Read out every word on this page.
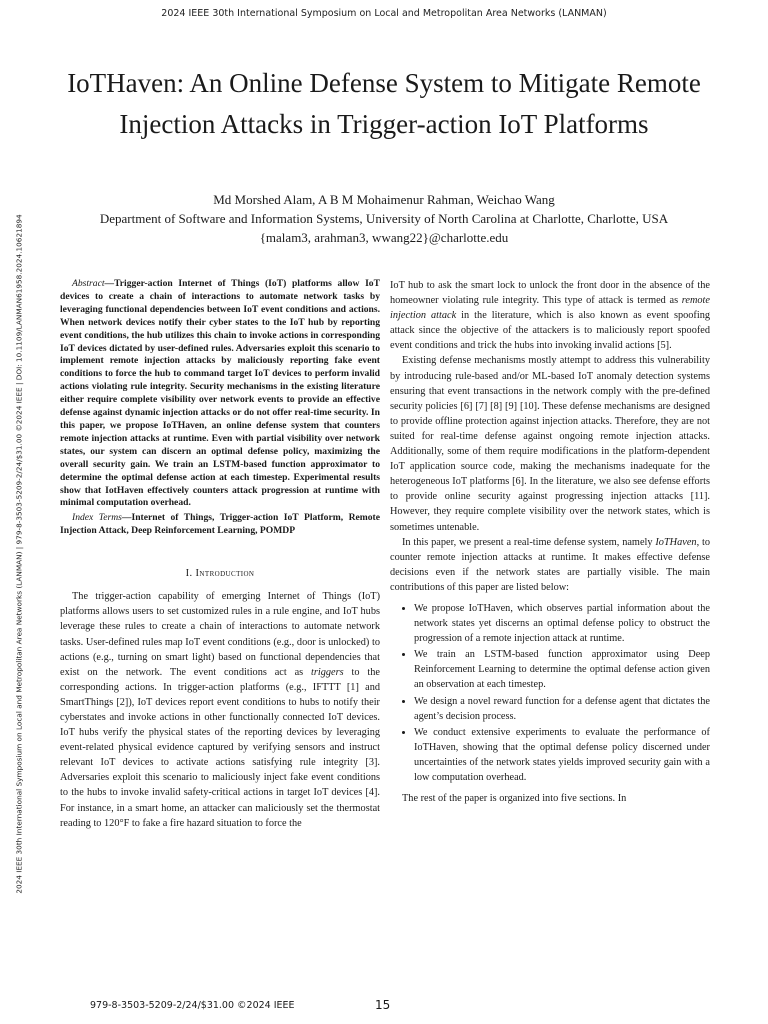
2024 IEEE 30th International Symposium on Local and Metropolitan Area Networks (LANMAN)
2024 IEEE 30th International Symposium on Local and Metropolitan Area Networks (LANMAN) | 979-8-3503-5209-2/24/$31.00 ©2024 IEEE | DOI: 10.1109/LANMAN61958.2024.10621894
IoTHaven: An Online Defense System to Mitigate Remote Injection Attacks in Trigger-action IoT Platforms
Md Morshed Alam, A B M Mohaimenur Rahman, Weichao Wang
Department of Software and Information Systems, University of North Carolina at Charlotte, Charlotte, USA
{malam3, arahman3, wwang22}@charlotte.edu

Abstract—Trigger-action Internet of Things (IoT) platforms allow IoT devices to create a chain of interactions to automate network tasks by leveraging functional dependencies between IoT event conditions and actions. When network devices notify their cyber states to the IoT hub by reporting event conditions, the hub utilizes this chain to invoke actions in corresponding IoT devices dictated by user-defined rules. Adversaries exploit this scenario to implement remote injection attacks by maliciously reporting fake event conditions to force the hub to command target IoT devices to perform invalid actions violating rule integrity. Security mechanisms in the existing literature either require complete visibility over network events to provide an effective defense against dynamic injection attacks or do not offer real-time security. In this paper, we propose IoTHaven, an online defense system that counters remote injection attacks at runtime. Even with partial visibility over network states, our system can discern an optimal defense policy, maximizing the overall security gain. We train an LSTM-based function approximator to determine the optimal defense action at each timestep. Experimental results show that IotHaven effectively counters attack progression at runtime with minimal computation overhead.

Index Terms—Internet of Things, Trigger-action IoT Platform, Remote Injection Attack, Deep Reinforcement Learning, POMDP

I. Introduction

The trigger-action capability of emerging Internet of Things (IoT) platforms allows users to set customized rules in a rule engine, and IoT hubs leverage these rules to create a chain of interactions to automate network tasks. User-defined rules map IoT event conditions (e.g., door is unlocked) to actions (e.g., turning on smart light) based on functional dependencies that exist on the network. The event conditions act as triggers to the corresponding actions. In trigger-action platforms (e.g., IFTTT [1] and SmartThings [2]), IoT devices report event conditions to hubs to notify their cyberstates and invoke actions in other functionally connected IoT devices. IoT hubs verify the physical states of the reporting devices by leveraging event-related physical evidence captured by verifying sensors and instruct relevant IoT devices to activate actions satisfying rule integrity [3]. Adversaries exploit this scenario to maliciously inject fake event conditions to the hubs to invoke invalid safety-critical actions in target IoT devices [4]. For instance, in a smart home, an attacker can maliciously set the thermostat reading to 120°F to fake a fire hazard situation to force the

IoT hub to ask the smart lock to unlock the front door in the absence of the homeowner violating rule integrity. This type of attack is termed as remote injection attack in the literature, which is also known as event spoofing attack since the objective of the attackers is to maliciously report spoofed event conditions and trick the hubs into invoking invalid actions [5].

Existing defense mechanisms mostly attempt to address this vulnerability by introducing rule-based and/or ML-based IoT anomaly detection systems ensuring that event transactions in the network comply with the pre-defined security policies [6] [7] [8] [9] [10]. These defense mechanisms are designed to provide offline protection against injection attacks. Therefore, they are not suited for real-time defense against ongoing remote injection attacks. Additionally, some of them require modifications in the platform-dependent IoT application source code, making the mechanisms inadequate for the heterogeneous IoT platforms [6]. In the literature, we also see defense efforts to provide online security against progressing injection attacks [11]. However, they require complete visibility over the network states, which is sometimes untenable.

In this paper, we present a real-time defense system, namely IoTHaven, to counter remote injection attacks at runtime. It makes effective defense decisions even if the network states are partially visible. The main contributions of this paper are listed below:

• We propose IoTHaven, which observes partial information about the network states yet discerns an optimal defense policy to obstruct the progression of a remote injection attack at runtime.
• We train an LSTM-based function approximator using Deep Reinforcement Learning to determine the optimal defense action given an observation at each timestep.
• We design a novel reward function for a defense agent that dictates the agent’s decision process.
• We conduct extensive experiments to evaluate the performance of IoTHaven, showing that the optimal defense policy discerned under uncertainties of the network states yields improved security gain with a low computation overhead.

The rest of the paper is organized into five sections. In

979-8-3503-5209-2/24/$31.00 ©2024 IEEE	15
